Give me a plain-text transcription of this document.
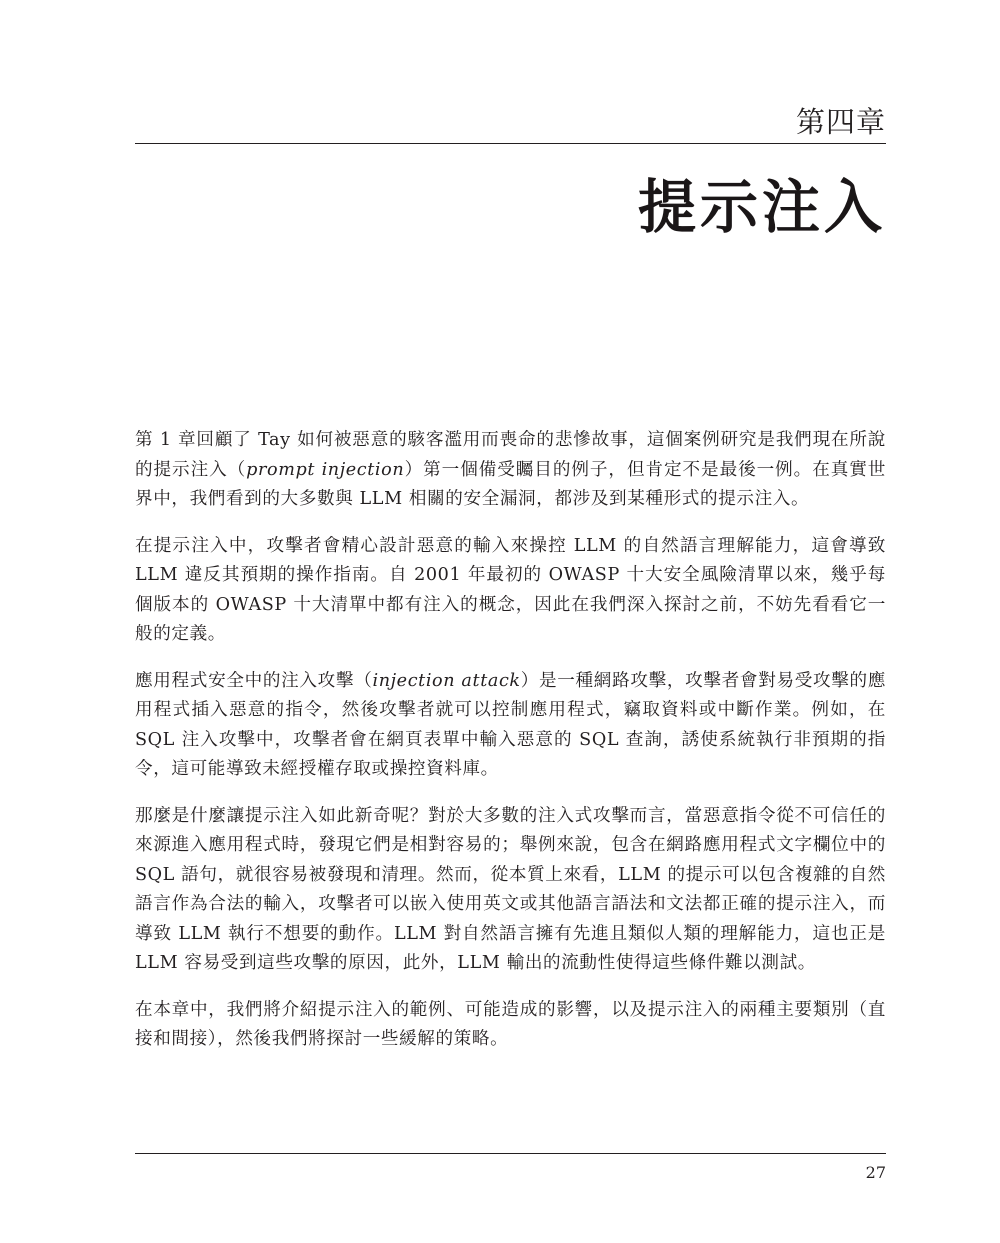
第四章
提示注入

第 1 章回顧了 Tay 如何被惡意的駭客濫用而喪命的悲慘故事，這個案例研究是我們現在所說的提示注入（prompt injection）第一個備受矚目的例子，但肯定不是最後一例。在真實世界中，我們看到的大多數與 LLM 相關的安全漏洞，都涉及到某種形式的提示注入。

在提示注入中，攻擊者會精心設計惡意的輸入來操控 LLM 的自然語言理解能力，這會導致 LLM 違反其預期的操作指南。自 2001 年最初的 OWASP 十大安全風險清單以來，幾乎每個版本的 OWASP 十大清單中都有注入的概念，因此在我們深入探討之前，不妨先看看它一般的定義。

應用程式安全中的注入攻擊（injection attack）是一種網路攻擊，攻擊者會對易受攻擊的應用程式插入惡意的指令，然後攻擊者就可以控制應用程式，竊取資料或中斷作業。例如，在 SQL 注入攻擊中，攻擊者會在網頁表單中輸入惡意的 SQL 查詢，誘使系統執行非預期的指令，這可能導致未經授權存取或操控資料庫。

那麼是什麼讓提示注入如此新奇呢？對於大多數的注入式攻擊而言，當惡意指令從不可信任的來源進入應用程式時，發現它們是相對容易的；舉例來說，包含在網路應用程式文字欄位中的 SQL 語句，就很容易被發現和清理。然而，從本質上來看，LLM 的提示可以包含複雜的自然語言作為合法的輸入，攻擊者可以嵌入使用英文或其他語言語法和文法都正確的提示注入，而導致 LLM 執行不想要的動作。LLM 對自然語言擁有先進且類似人類的理解能力，這也正是 LLM 容易受到這些攻擊的原因，此外，LLM 輸出的流動性使得這些條件難以測試。

在本章中，我們將介紹提示注入的範例、可能造成的影響，以及提示注入的兩種主要類別（直接和間接），然後我們將探討一些緩解的策略。

27
